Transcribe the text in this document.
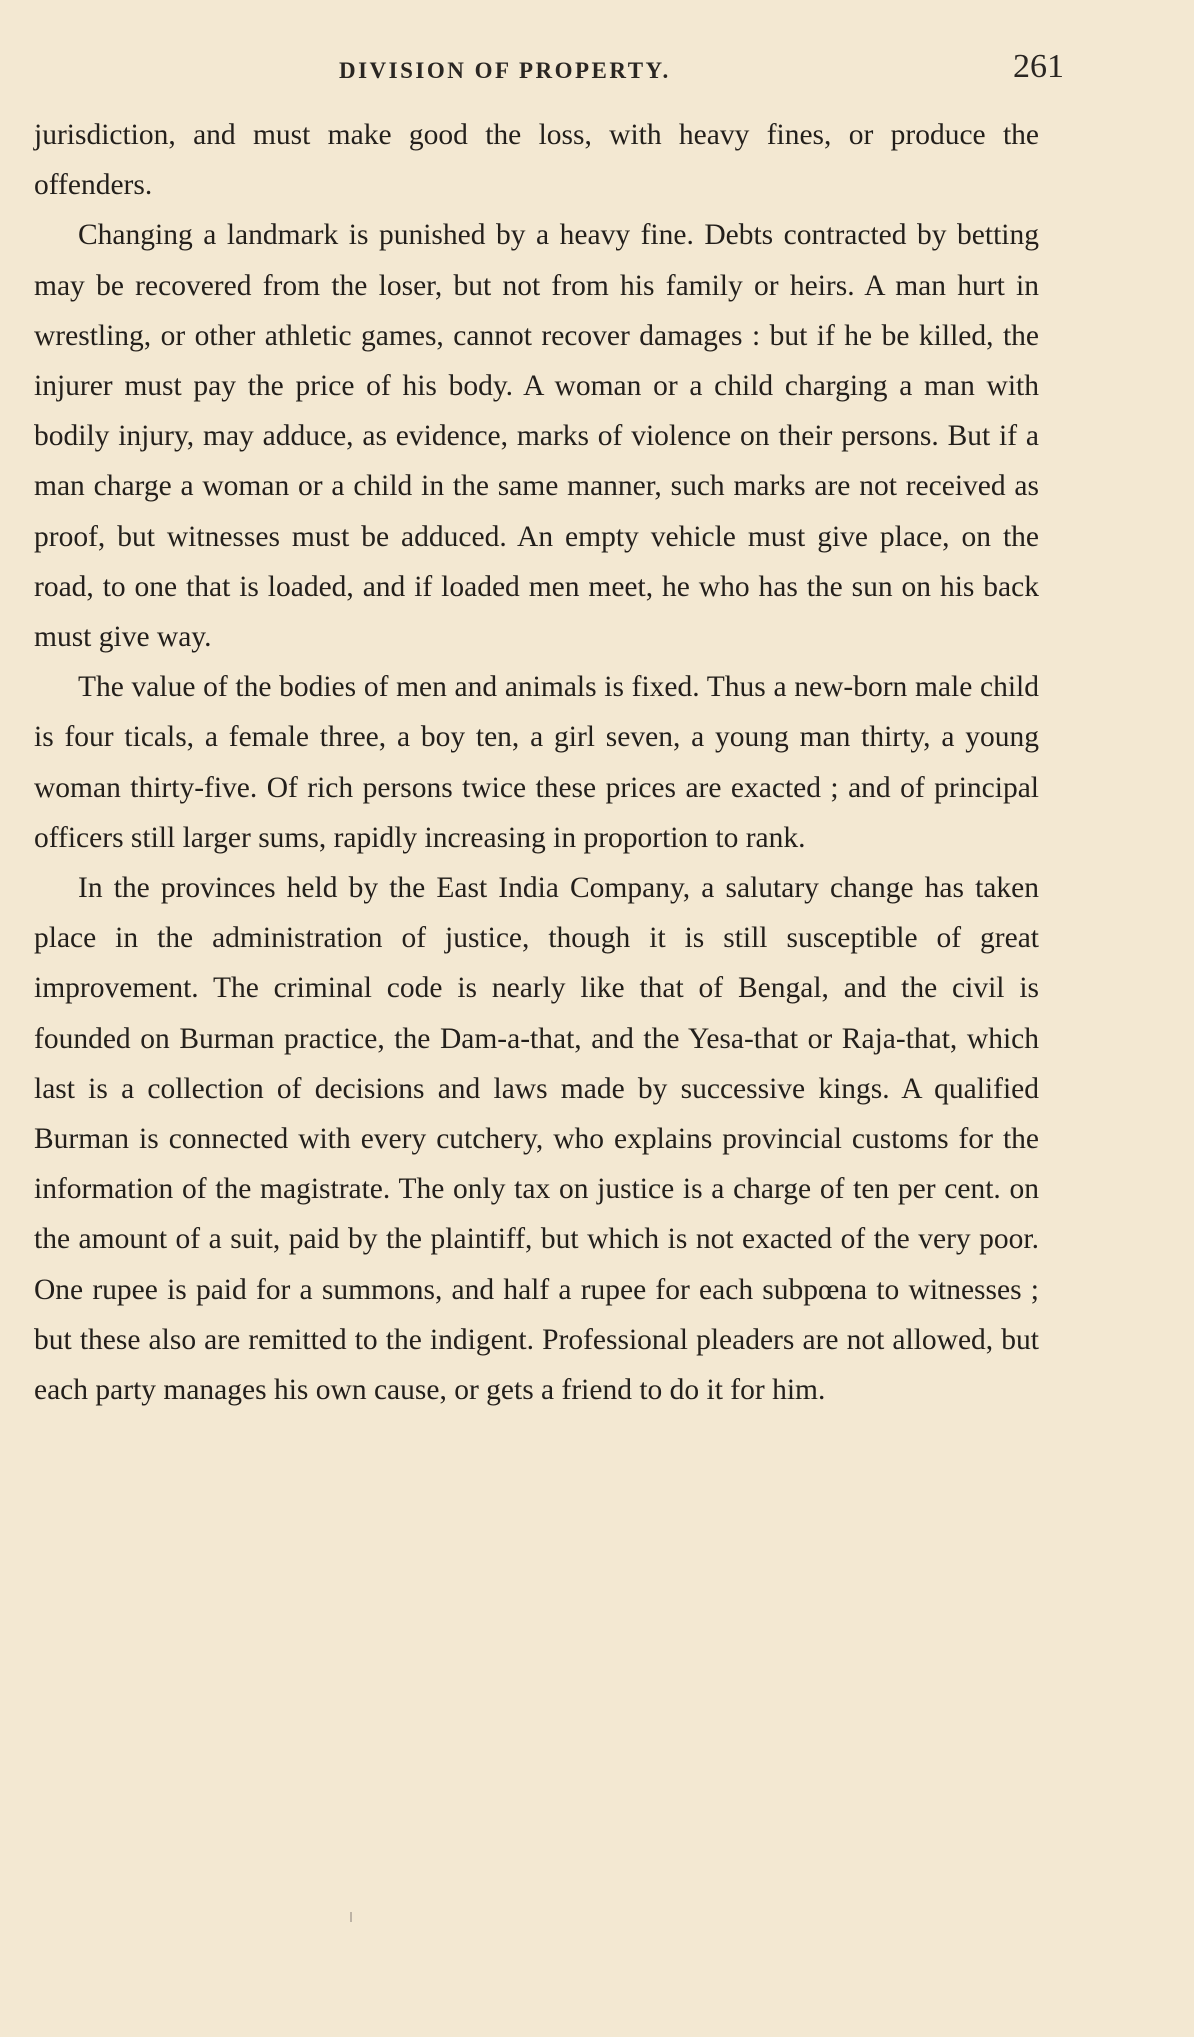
DIVISION OF PROPERTY.	261

jurisdiction, and must make good the loss, with heavy fines, or produce the offenders.

Changing a landmark is punished by a heavy fine. Debts contracted by betting may be recovered from the loser, but not from his family or heirs. A man hurt in wrestling, or other athletic games, cannot recover damages : but if he be killed, the injurer must pay the price of his body. A woman or a child charging a man with bodily injury, may adduce, as evidence, marks of violence on their persons. But if a man charge a woman or a child in the same manner, such marks are not received as proof, but witnesses must be adduced. An empty vehicle must give place, on the road, to one that is loaded, and if loaded men meet, he who has the sun on his back must give way.

The value of the bodies of men and animals is fixed. Thus a new-born male child is four ticals, a female three, a boy ten, a girl seven, a young man thirty, a young woman thirty-five. Of rich persons twice these prices are exacted ; and of principal officers still larger sums, rapidly increasing in proportion to rank.

In the provinces held by the East India Company, a salutary change has taken place in the administration of justice, though it is still susceptible of great improvement. The criminal code is nearly like that of Bengal, and the civil is founded on Burman practice, the Dam-a-that, and the Yesa-that or Raja-that, which last is a collection of decisions and laws made by successive kings. A qualified Burman is connected with every cutchery, who explains provincial customs for the information of the magistrate. The only tax on justice is a charge of ten per cent. on the amount of a suit, paid by the plaintiff, but which is not exacted of the very poor. One rupee is paid for a summons, and half a rupee for each subpœna to witnesses ; but these also are remitted to the indigent. Professional pleaders are not allowed, but each party manages his own cause, or gets a friend to do it for him.
